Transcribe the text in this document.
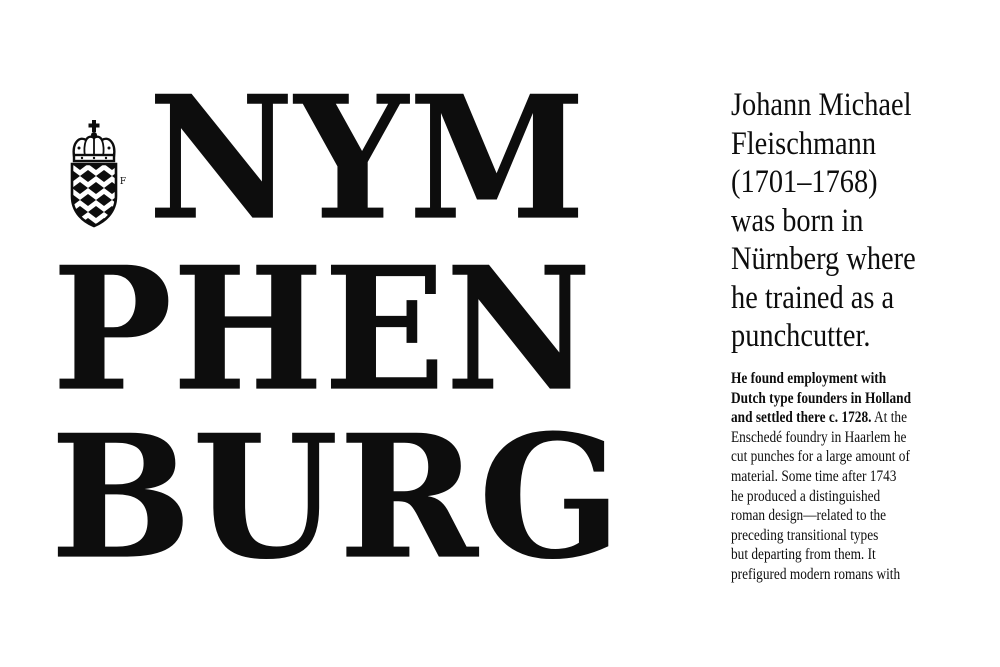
F NYM
PHEN
BURG

Johann Michael
Fleischmann
(1701–1768)
was born in
Nürnberg where
he trained as a
punchcutter.

He found employment with
Dutch type founders in Holland
and settled there c. 1728. At the
Enschedé foundry in Haarlem he
cut punches for a large amount of
material. Some time after 1743
he produced a distinguished
roman design—related to the
preceding transitional types
but departing from them. It
prefigured modern romans with
